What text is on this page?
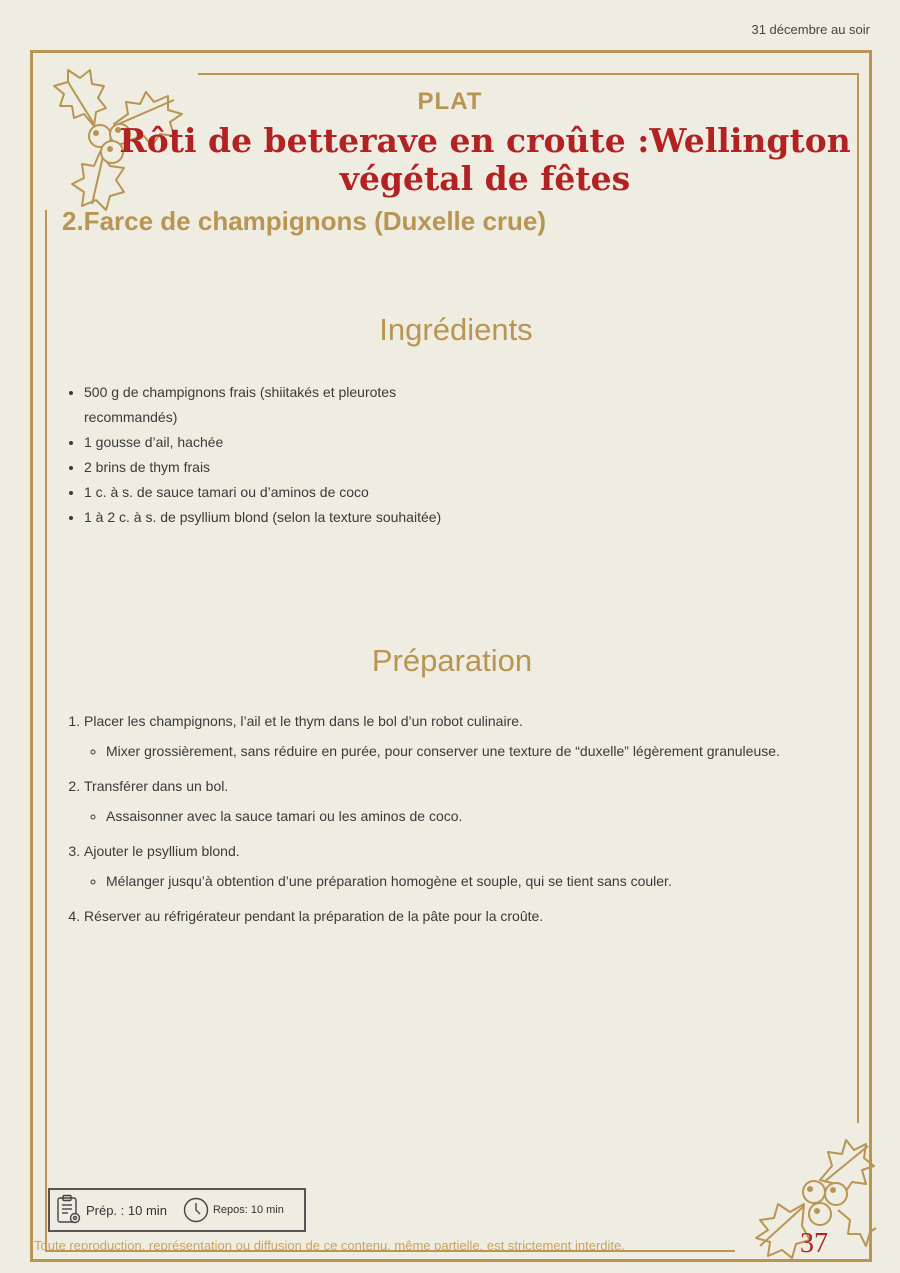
31 décembre au soir
PLAT
Rôti de betterave en croûte :Wellington végétal de fêtes
2.Farce de champignons (Duxelle crue)
Ingrédients
• 500 g de champignons frais (shiitakés et pleurotes recommandés)
• 1 gousse d’ail, hachée
• 2 brins de thym frais
• 1 c. à s. de sauce tamari ou d’aminos de coco
• 1 à 2 c. à s. de psyllium blond (selon la texture souhaitée)
Préparation
1. Placer les champignons, l’ail et le thym dans le bol d’un robot culinaire.
◦ Mixer grossièrement, sans réduire en purée, pour conserver une texture de “duxelle” légèrement granuleuse.
2. Transférer dans un bol.
◦ Assaisonner avec la sauce tamari ou les aminos de coco.
3. Ajouter le psyllium blond.
◦ Mélanger jusqu’à obtention d’une préparation homogène et souple, qui se tient sans couler.
4. Réserver au réfrigérateur pendant la préparation de la pâte pour la croûte.
Prép. : 10 min	Repos: 10 min
Toute reproduction, représentation ou diffusion de ce contenu, même partielle, est strictement interdite.	37
